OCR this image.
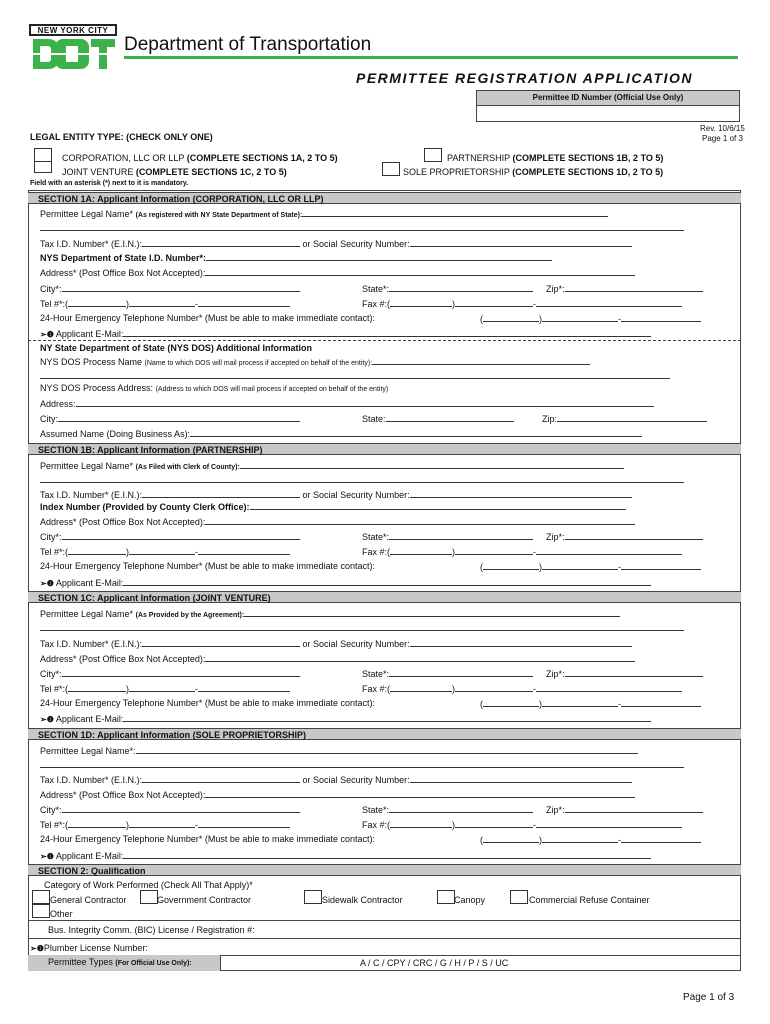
NEW YORK CITY
Department of Transportation
PERMITTEE REGISTRATION APPLICATION
Permittee ID Number (Official Use Only)
Rev. 10/6/15
Page 1 of 3
LEGAL ENTITY TYPE: (CHECK ONLY ONE)
CORPORATION, LLC OR LLP (COMPLETE SECTIONS 1A, 2 TO 5)
JOINT VENTURE (COMPLETE SECTIONS 1C, 2 TO 5)
PARTNERSHIP (COMPLETE SECTIONS 1B, 2 TO 5)
SOLE PROPRIETORSHIP (COMPLETE SECTIONS 1D, 2 TO 5)
Field with an asterisk (*) next to it is mandatory.
SECTION 1A: Applicant Information (CORPORATION, LLC OR LLP)
Permittee Legal Name* (As registered with NY State Department of State):
Tax I.D. Number* (E.I.N.):	or Social Security Number:
NYS Department of State I.D. Number*:
Address* (Post Office Box Not Accepted):
City*:	State*:	Zip*:
Tel #*:(	)	-	Fax #:(	)	-
24-Hour Emergency Telephone Number* (Must be able to make immediate contact):	(	)	-
➢❶ Applicant E-Mail:
NY State Department of State (NYS DOS) Additional Information
NYS DOS Process Name (Name to which DOS will mail process if accepted on behalf of the entity):
NYS DOS Process Address: (Address to which DOS will mail process if accepted on behalf of the entity)
Address:
City:	State:	Zip:
Assumed Name (Doing Business As):
SECTION 1B: Applicant Information (PARTNERSHIP)
Permittee Legal Name* (As Filed with Clerk of County):
Tax I.D. Number* (E.I.N.):	or Social Security Number:
Index Number (Provided by County Clerk Office):
Address* (Post Office Box Not Accepted):
City*:	State*:	Zip*:
Tel #*:(	)	-	Fax #:(	)	-
24-Hour Emergency Telephone Number* (Must be able to make immediate contact):	(	)	-
➢❶ Applicant E-Mail:
SECTION 1C: Applicant Information (JOINT VENTURE)
Permittee Legal Name* (As Provided by the Agreement):
Tax I.D. Number* (E.I.N.):	or Social Security Number:
Address* (Post Office Box Not Accepted):
City*:	State*:	Zip*:
Tel #*:(	)	-	Fax #:(	)	-
24-Hour Emergency Telephone Number* (Must be able to make immediate contact):	(	)	-
➢❶ Applicant E-Mail:
SECTION 1D: Applicant Information (SOLE PROPRIETORSHIP)
Permittee Legal Name*:
Tax I.D. Number* (E.I.N.):	or Social Security Number:
Address* (Post Office Box Not Accepted):
City*:	State*:	Zip*:
Tel #*:(	)	-	Fax #:(	)	-
24-Hour Emergency Telephone Number* (Must be able to make immediate contact):	(	)	-
➢❶ Applicant E-Mail:
SECTION 2: Qualification
Category of Work Performed (Check All That Apply)*
General Contractor
Other
Government Contractor	Sidewalk Contractor	Canopy	Commercial Refuse Container
Bus. Integrity Comm. (BIC) License / Registration #:
➢❶Plumber License Number:
Permittee Types (For Official Use Only):	A / C / CPY / CRC / G / H / P / S / UC
Page 1 of 3
